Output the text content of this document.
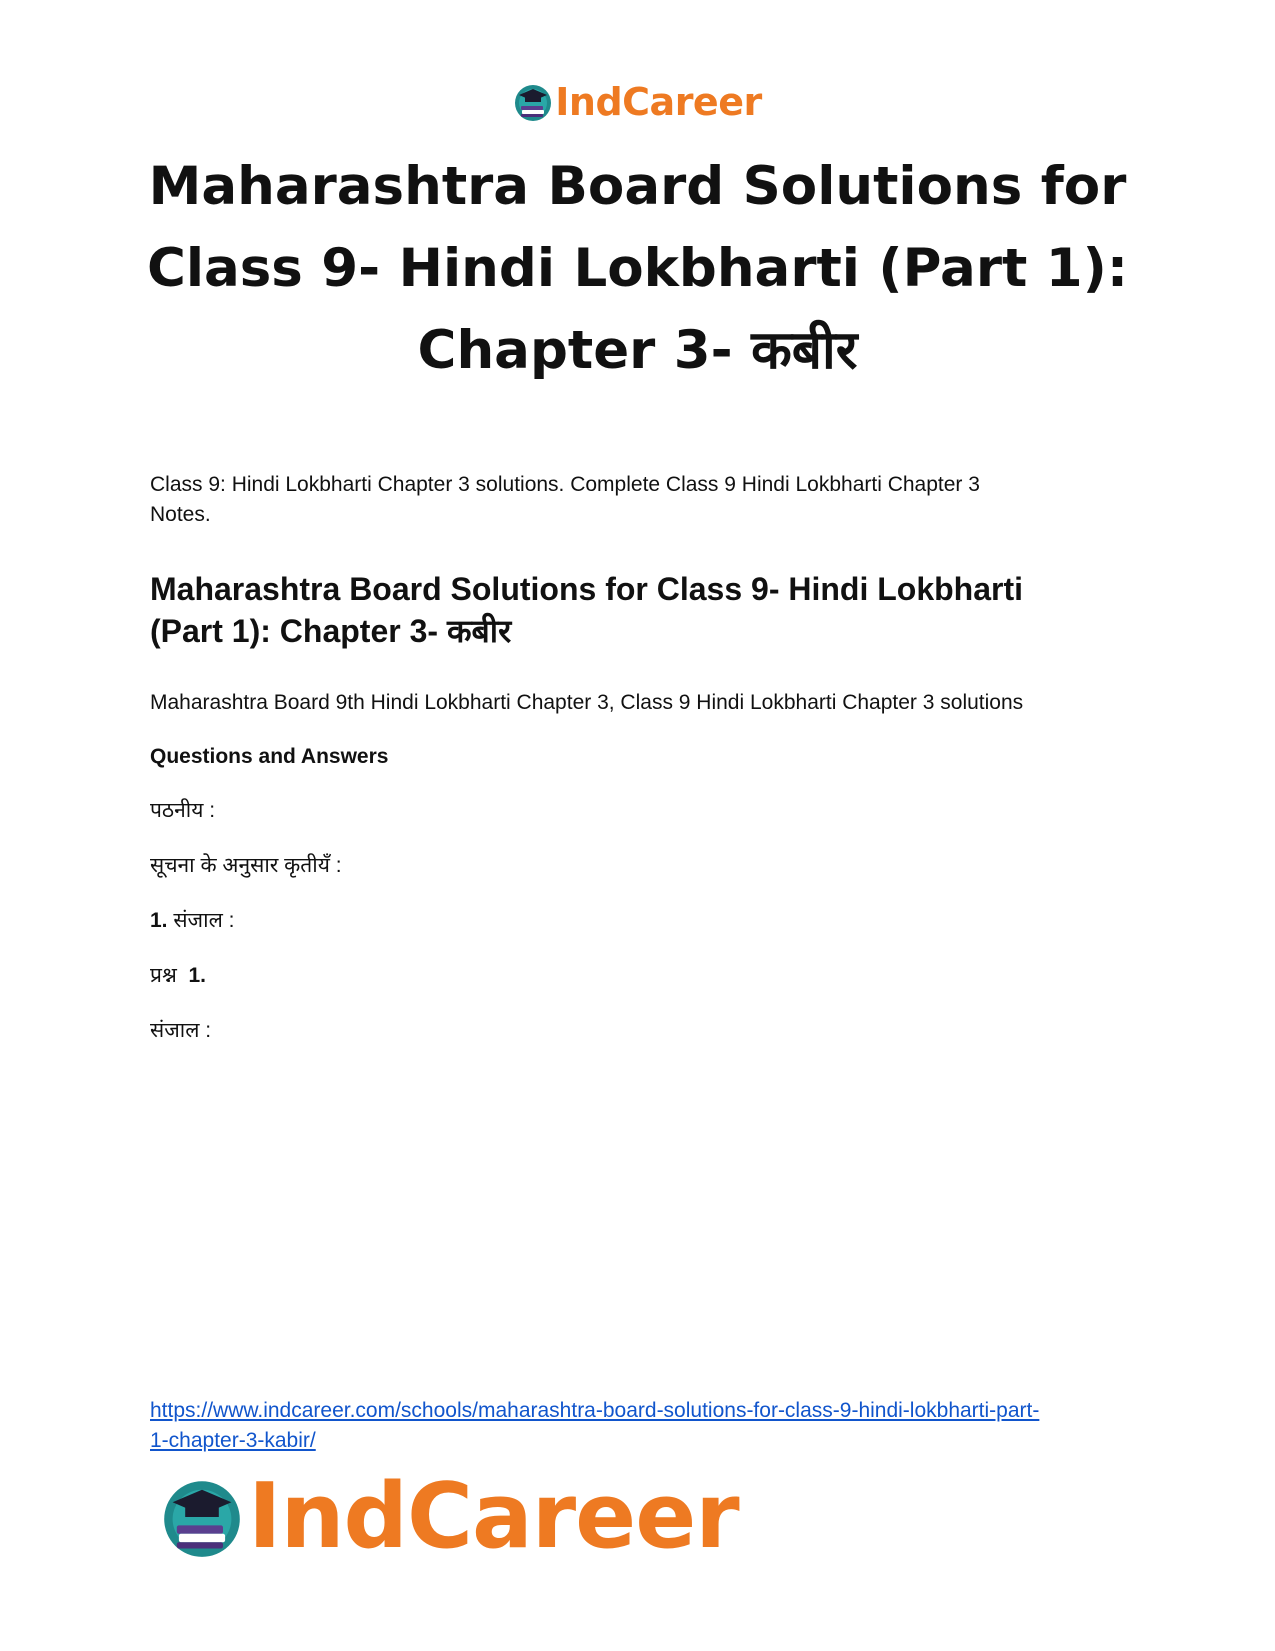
IndCareer
Maharashtra Board Solutions for
Class 9- Hindi Lokbharti (Part 1):
Chapter 3- कबीर

Class 9: Hindi Lokbharti Chapter 3 solutions. Complete Class 9 Hindi Lokbharti Chapter 3
Notes.

Maharashtra Board Solutions for Class 9- Hindi Lokbharti
(Part 1): Chapter 3- कबीर

Maharashtra Board 9th Hindi Lokbharti Chapter 3, Class 9 Hindi Lokbharti Chapter 3 solutions

Questions and Answers

पठनीय :

सूचना के अनुसार कृतीयँ :

1. संजाल :

प्रश्न 1.

संजाल :

https://www.indcareer.com/schools/maharashtra-board-solutions-for-class-9-hindi-lokbharti-part-
1-chapter-3-kabir/
IndCareer
